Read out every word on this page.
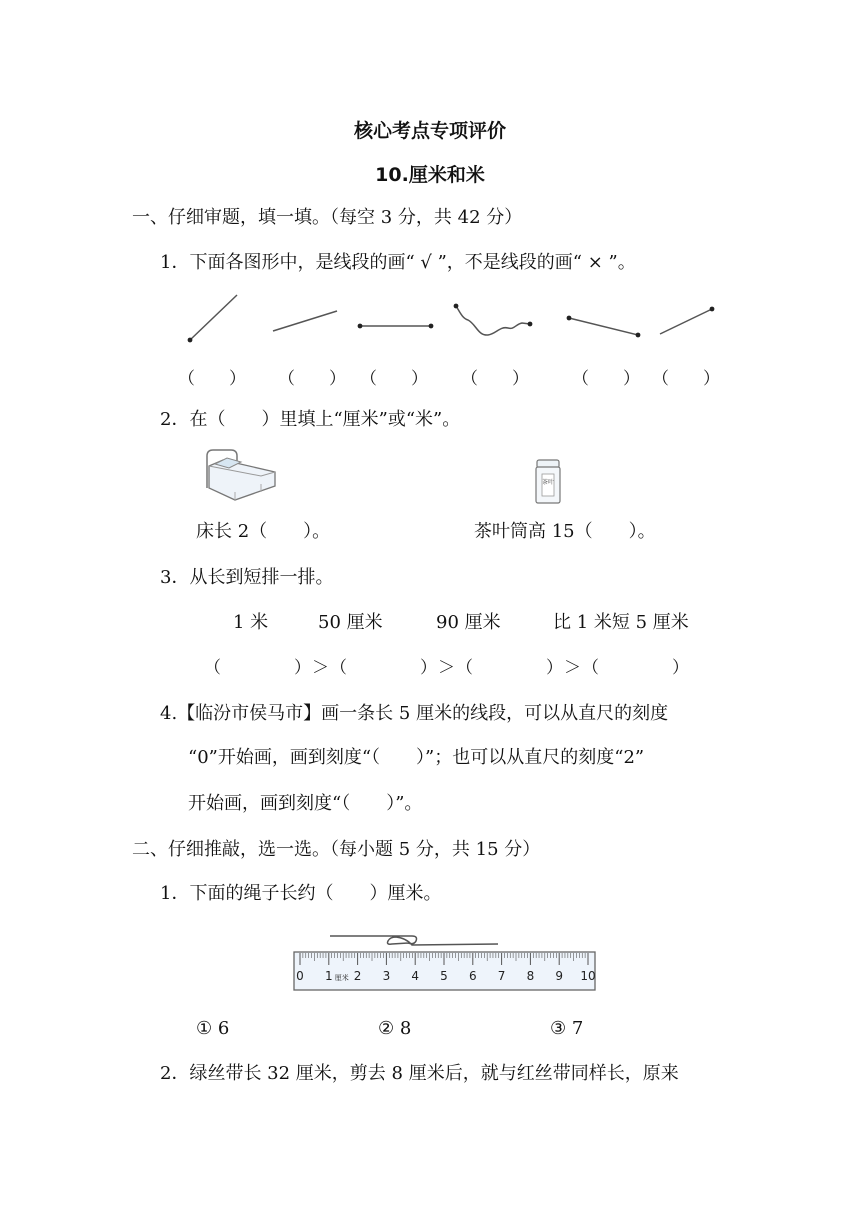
核心考点专项评价
10.厘米和米
一、仔细审题，填一填。（每空 3 分，共 42 分）
1．下面各图形中，是线段的画“ √ ”，不是线段的画“ × ”。
（　　） （　　） （　　） （　　）	（　　） （　　）
2．在（　　）里填上“厘米”或“米”。
茶叶
床长 2（　　）。	茶叶筒高 15（　　）。
3．从长到短排一排。
1 米	50 厘米	90 厘米	比 1 米短 5 厘米
（　　　　）＞（　　　　）＞（　　　　）＞（　　　　）
4.【临汾市侯马市】画一条长 5 厘米的线段，可以从直尺的刻度
“0”开始画，画到刻度“（　　）”；也可以从直尺的刻度“2”
开始画，画到刻度“（　　）”。
二、仔细推敲，选一选。（每小题 5 分，共 15 分）
1．下面的绳子长约（　　）厘米。
0 1 2 3 4 5 6 7 8 9 10
厘米
① 6	② 8	③ 7
2．绿丝带长 32 厘米，剪去 8 厘米后，就与红丝带同样长，原来
